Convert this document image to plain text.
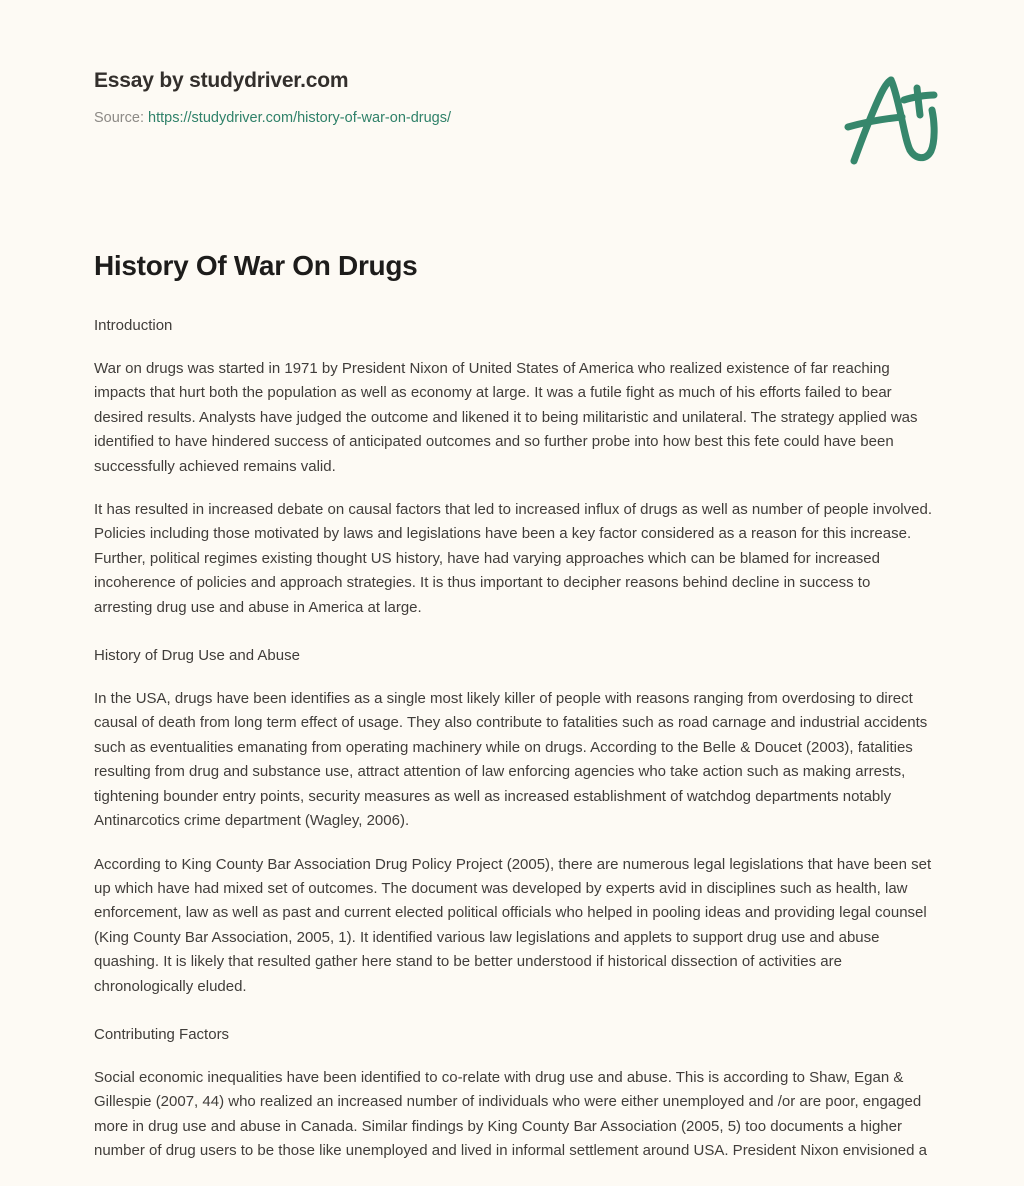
Essay by studydriver.com
Source: https://studydriver.com/history-of-war-on-drugs/
History Of War On Drugs
Introduction

War on drugs was started in 1971 by President Nixon of United States of America who realized existence of far reaching impacts that hurt both the population as well as economy at large. It was a futile fight as much of his efforts failed to bear desired results. Analysts have judged the outcome and likened it to being militaristic and unilateral. The strategy applied was identified to have hindered success of anticipated outcomes and so further probe into how best this fete could have been successfully achieved remains valid.

It has resulted in increased debate on causal factors that led to increased influx of drugs as well as number of people involved. Policies including those motivated by laws and legislations have been a key factor considered as a reason for this increase. Further, political regimes existing thought US history, have had varying approaches which can be blamed for increased incoherence of policies and approach strategies. It is thus important to decipher reasons behind decline in success to arresting drug use and abuse in America at large.

History of Drug Use and Abuse

In the USA, drugs have been identifies as a single most likely killer of people with reasons ranging from overdosing to direct causal of death from long term effect of usage. They also contribute to fatalities such as road carnage and industrial accidents such as eventualities emanating from operating machinery while on drugs. According to the Belle & Doucet (2003), fatalities resulting from drug and substance use, attract attention of law enforcing agencies who take action such as making arrests, tightening bounder entry points, security measures as well as increased establishment of watchdog departments notably Antinarcotics crime department (Wagley, 2006).

According to King County Bar Association Drug Policy Project (2005), there are numerous legal legislations that have been set up which have had mixed set of outcomes. The document was developed by experts avid in disciplines such as health, law enforcement, law as well as past and current elected political officials who helped in pooling ideas and providing legal counsel (King County Bar Association, 2005, 1). It identified various law legislations and applets to support drug use and abuse quashing. It is likely that resulted gather here stand to be better understood if historical dissection of activities are chronologically eluded.

Contributing Factors

Social economic inequalities have been identified to co-relate with drug use and abuse. This is according to Shaw, Egan & Gillespie (2007, 44) who realized an increased number of individuals who were either unemployed and /or are poor, engaged more in drug use and abuse in Canada. Similar findings by King County Bar Association (2005, 5) too documents a higher number of drug users to be those like unemployed and lived in informal settlement around USA. President Nixon envisioned a
